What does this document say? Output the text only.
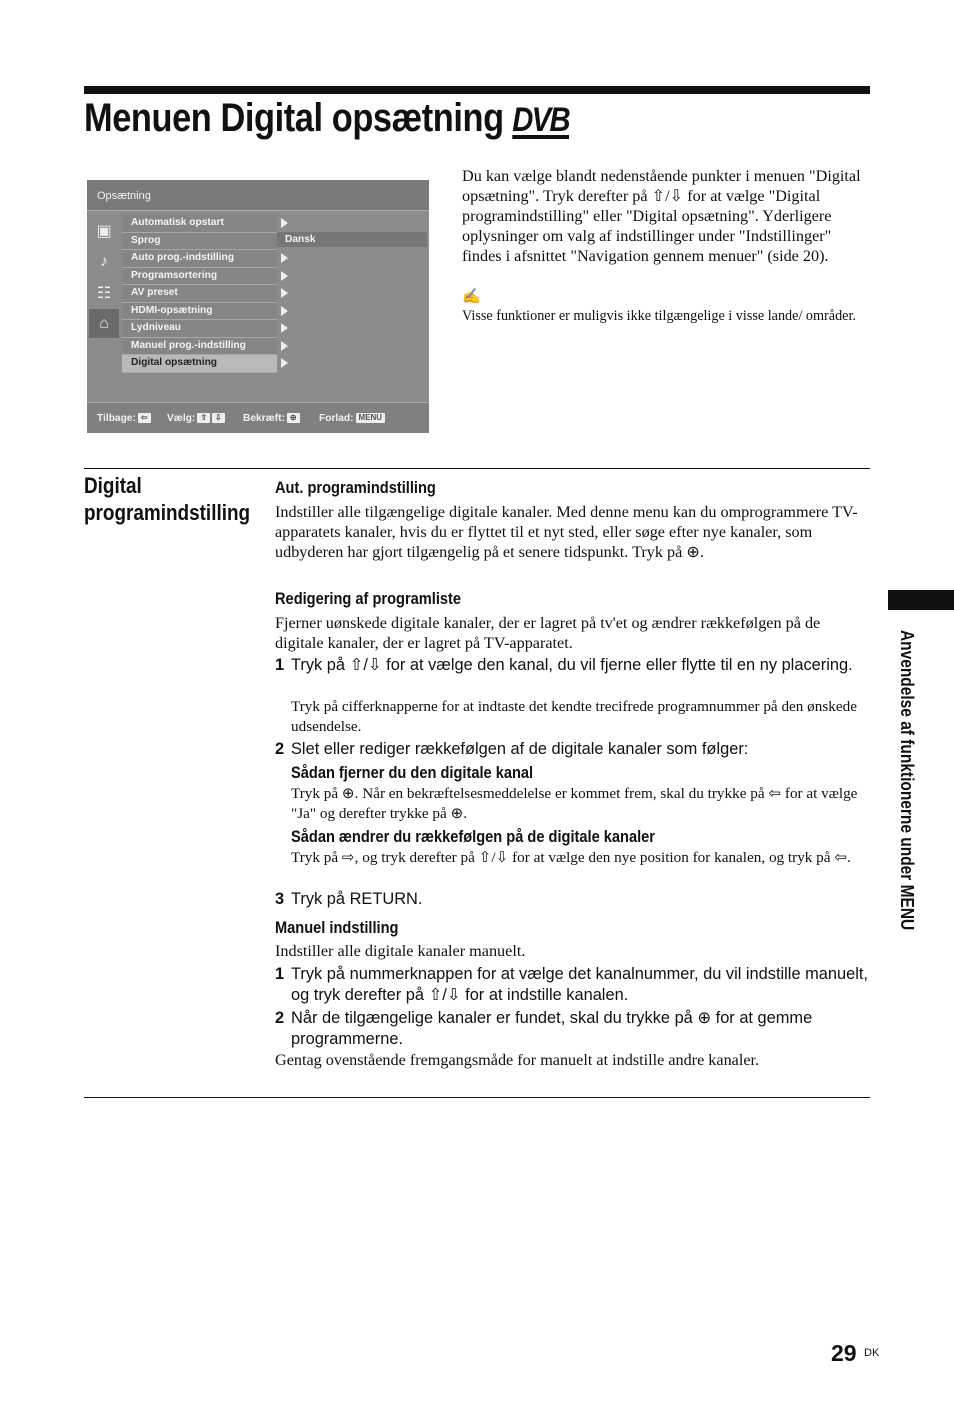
Menuen Digital opsætning DVB
Opsætning
▣
♪
☷
⌂
Automatisk opstart
Sprog
Auto prog.-indstilling
Programsortering
AV preset
HDMI-opsætning
Lydniveau
Manuel prog.-indstilling
Digital opsætning
Dansk
Tilbage: ⇦ Vælg: ⇧ ⇩ Bekræft: ⊕ Forlad: MENU
Du kan vælge blandt nedenstående punkter i menuen "Digital opsætning". Tryk derefter på ⇧/⇩ for at vælge "Digital programindstilling" eller "Digital opsætning". Yderligere oplysninger om valg af indstillinger under "Indstillinger" findes i afsnittet "Navigation gennem menuer" (side 20).
✍
Visse funktioner er muligvis ikke tilgængelige i visse lande/ områder.
Digital programindstilling
Aut. programindstilling
Indstiller alle tilgængelige digitale kanaler. Med denne menu kan du omprogrammere TV-apparatets kanaler, hvis du er flyttet til et nyt sted, eller søge efter nye kanaler, som udbyderen har gjort tilgængelig på et senere tidspunkt. Tryk på ⊕.
Redigering af programliste
Fjerner uønskede digitale kanaler, der er lagret på tv'et og ændrer rækkefølgen på de digitale kanaler, der er lagret på TV-apparatet.
1 Tryk på ⇧/⇩ for at vælge den kanal, du vil fjerne eller flytte til en ny placering.
Tryk på cifferknapperne for at indtaste det kendte trecifrede programnummer på den ønskede udsendelse.
2 Slet eller rediger rækkefølgen af de digitale kanaler som følger:
Sådan fjerner du den digitale kanal
Tryk på ⊕. Når en bekræftelsesmeddelelse er kommet frem, skal du trykke på ⇦ for at vælge "Ja" og derefter trykke på ⊕.
Sådan ændrer du rækkefølgen på de digitale kanaler
Tryk på ⇨, og tryk derefter på ⇧/⇩ for at vælge den nye position for kanalen, og tryk på ⇦.
3 Tryk på RETURN.
Manuel indstilling
Indstiller alle digitale kanaler manuelt.
1 Tryk på nummerknappen for at vælge det kanalnummer, du vil indstille manuelt, og tryk derefter på ⇧/⇩ for at indstille kanalen.
2 Når de tilgængelige kanaler er fundet, skal du trykke på ⊕ for at gemme programmerne.
Gentag ovenstående fremgangsmåde for manuelt at indstille andre kanaler.
Anvendelse af funktionerne under MENU
29 DK
